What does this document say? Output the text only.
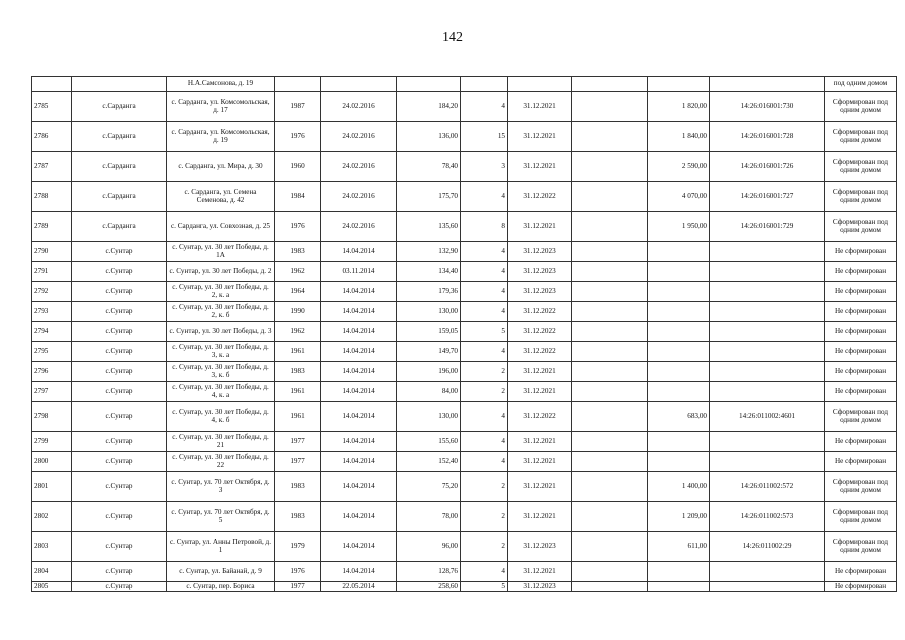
142
		Н.А.Самсонова, д. 19									под одним домом
2785	с.Сарданга	с. Сарданга, ул. Комсомольская, д. 17	1987	24.02.2016	184,20	4	31.12.2021		1 820,00	14:26:016001:730	Сформирован под одним домом
2786	с.Сарданга	с. Сарданга, ул. Комсомольская, д. 19	1976	24.02.2016	136,00	15	31.12.2021		1 840,00	14:26:016001:728	Сформирован под одним домом
2787	с.Сарданга	с. Сарданга, ул. Мира, д. 30	1960	24.02.2016	78,40	3	31.12.2021		2 590,00	14:26:016001:726	Сформирован под одним домом
2788	с.Сарданга	с. Сарданга, ул. Семена Семенова, д. 42	1984	24.02.2016	175,70	4	31.12.2022		4 070,00	14:26:016001:727	Сформирован под одним домом
2789	с.Сарданга	с. Сарданга, ул. Совхозная, д. 25	1976	24.02.2016	135,60	8	31.12.2021		1 950,00	14:26:016001:729	Сформирован под одним домом
2790	с.Сунтар	с. Сунтар, ул. 30 лет Победы, д. 1А	1983	14.04.2014	132,90	4	31.12.2023				Не сформирован
2791	с.Сунтар	с. Сунтар, ул. 30 лет Победы, д. 2	1962	03.11.2014	134,40	4	31.12.2023				Не сформирован
2792	с.Сунтар	с. Сунтар, ул. 30 лет Победы, д. 2, к. а	1964	14.04.2014	179,36	4	31.12.2023				Не сформирован
2793	с.Сунтар	с. Сунтар, ул. 30 лет Победы, д. 2, к. б	1990	14.04.2014	130,00	4	31.12.2022				Не сформирован
2794	с.Сунтар	с. Сунтар, ул. 30 лет Победы, д. 3	1962	14.04.2014	159,05	5	31.12.2022				Не сформирован
2795	с.Сунтар	с. Сунтар, ул. 30 лет Победы, д. 3, к. а	1961	14.04.2014	149,70	4	31.12.2022				Не сформирован
2796	с.Сунтар	с. Сунтар, ул. 30 лет Победы, д. 3, к. б	1983	14.04.2014	196,00	2	31.12.2021				Не сформирован
2797	с.Сунтар	с. Сунтар, ул. 30 лет Победы, д. 4, к. а	1961	14.04.2014	84,00	2	31.12.2021				Не сформирован
2798	с.Сунтар	с. Сунтар, ул. 30 лет Победы, д. 4, к. б	1961	14.04.2014	130,00	4	31.12.2022		683,00	14:26:011002:4601	Сформирован под одним домом
2799	с.Сунтар	с. Сунтар, ул. 30 лет Победы, д. 21	1977	14.04.2014	155,60	4	31.12.2021				Не сформирован
2800	с.Сунтар	с. Сунтар, ул. 30 лет Победы, д. 22	1977	14.04.2014	152,40	4	31.12.2021				Не сформирован
2801	с.Сунтар	с. Сунтар, ул. 70 лет Октября, д. 3	1983	14.04.2014	75,20	2	31.12.2021		1 400,00	14:26:011002:572	Сформирован под одним домом
2802	с.Сунтар	с. Сунтар, ул. 70 лет Октября, д. 5	1983	14.04.2014	78,00	2	31.12.2021		1 209,00	14:26:011002:573	Сформирован под одним домом
2803	с.Сунтар	с. Сунтар, ул. Анны Петровой, д. 1	1979	14.04.2014	96,00	2	31.12.2023		611,00	14:26:011002:29	Сформирован под одним домом
2804	с.Сунтар	с. Сунтар, ул. Байанай, д. 9	1976	14.04.2014	128,76	4	31.12.2021				Не сформирован
2805	с.Сунтар	с. Сунтар, пер. Борисa	1977	22.05.2014	258,60	5	31.12.2023				Не сформирован
